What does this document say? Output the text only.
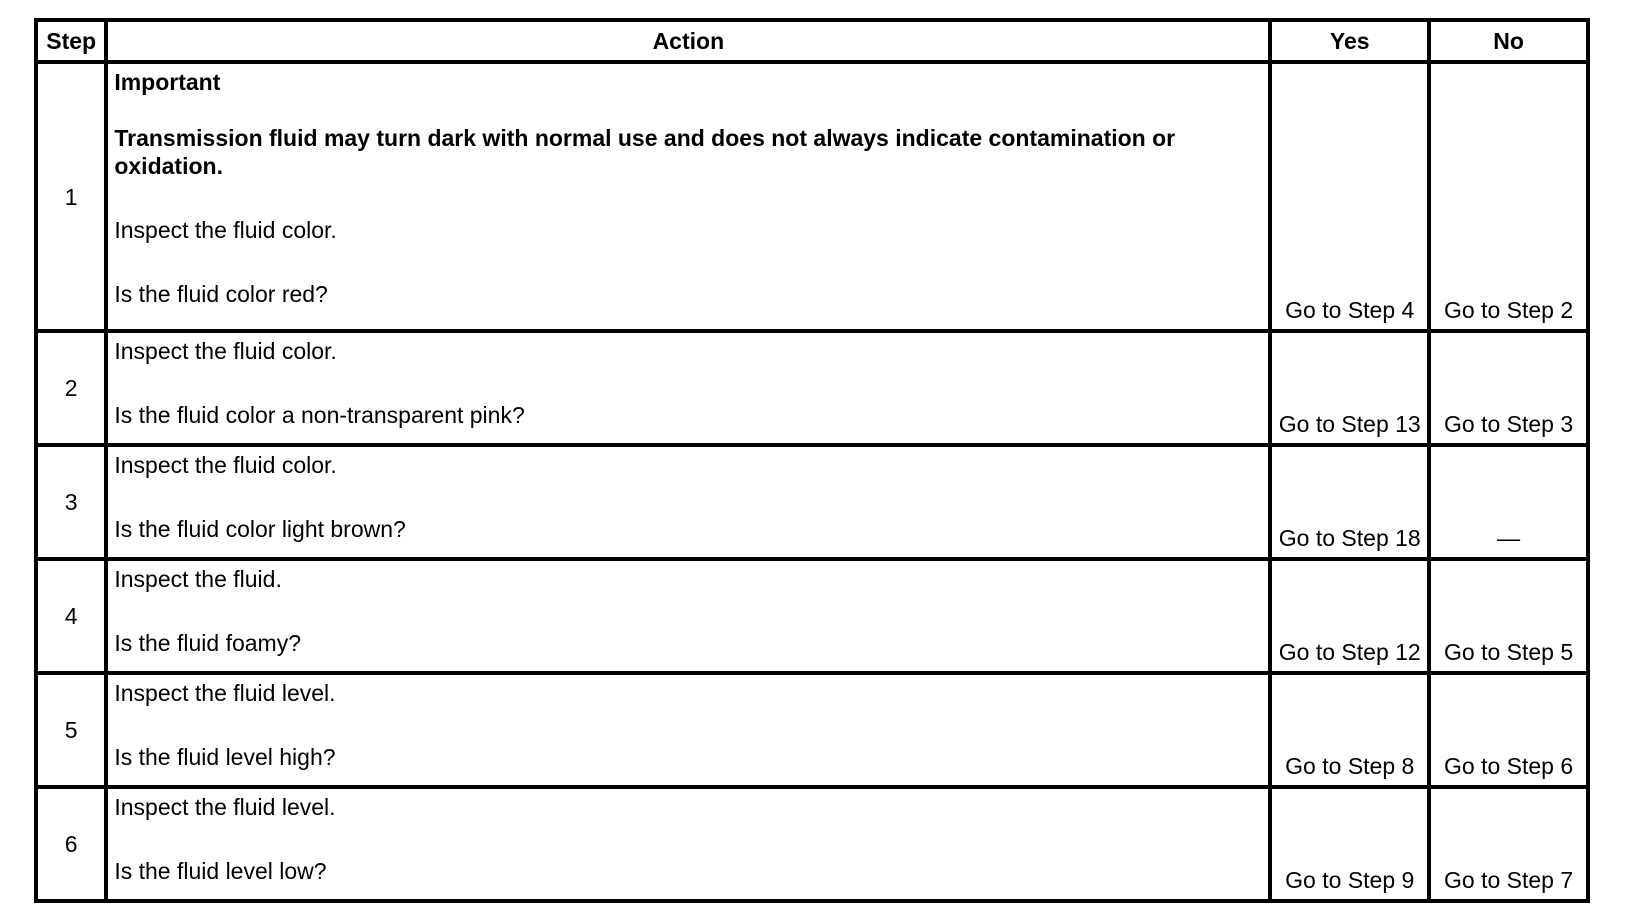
Step	Action	Yes	No
1	Important

Transmission fluid may turn dark with normal use and does not always indicate contamination or oxidation.

Inspect the fluid color.

Is the fluid color red?	Go to Step 4	Go to Step 2
2	Inspect the fluid color.

Is the fluid color a non-transparent pink?	Go to Step 13	Go to Step 3
3	Inspect the fluid color.

Is the fluid color light brown?	Go to Step 18	—
4	Inspect the fluid.

Is the fluid foamy?	Go to Step 12	Go to Step 5
5	Inspect the fluid level.

Is the fluid level high?	Go to Step 8	Go to Step 6
6	Inspect the fluid level.

Is the fluid level low?	Go to Step 9	Go to Step 7
